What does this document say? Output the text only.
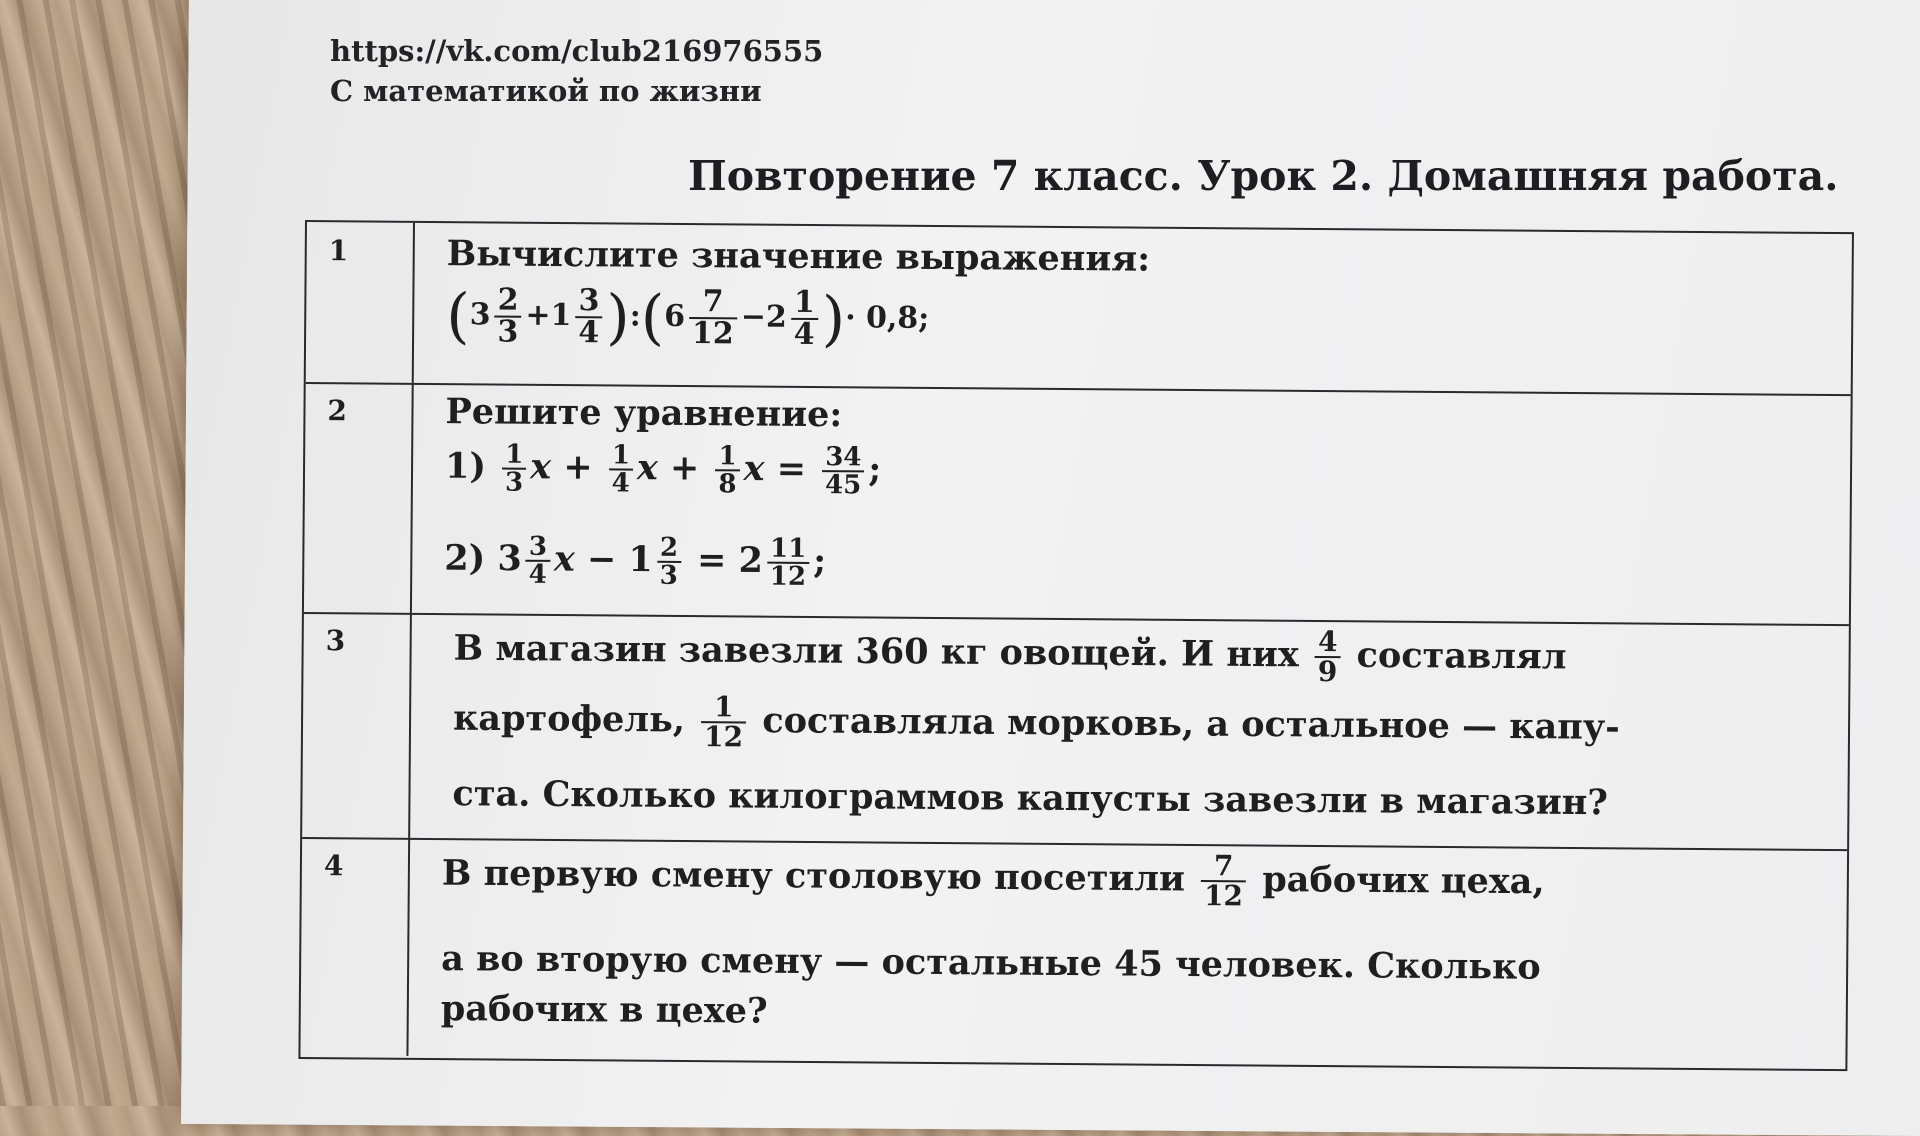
https://vk.com/club216976555
С математикой по жизни
Повторение 7 класс. Урок 2. Домашняя работа.
1	Вычислите значение выражения:
($3 \frac{2}{3} +1 \frac{3}{4}$ ):(6 $\frac{7}{12} -2 \frac{1}{4}$ )· 0,8;
2	Решите уравнение:
$1) \frac{1}{3}$ $x + \frac{1}{4}$ $x + \frac{1}{8}$ $x = \frac{34}{45}$ ;
2) $3 \frac{3}{4}$ $x - 1 \frac{2}{3} = 2 \frac{11}{12}$ ;
3	В магазин завезли 360 кг овощей. И них $\frac{4}{9}$ составлял
картофель, $\frac{1}{12}$ составляла морковь, а остальное — капу-
ста. Сколько килограммов капусты завезли в магазин?
4	В первую смену столовую посетили $\frac{7}{12}$ рабочих цеха,
а во вторую смену — остальные 45 человек. Сколько
рабочих в цехе?
